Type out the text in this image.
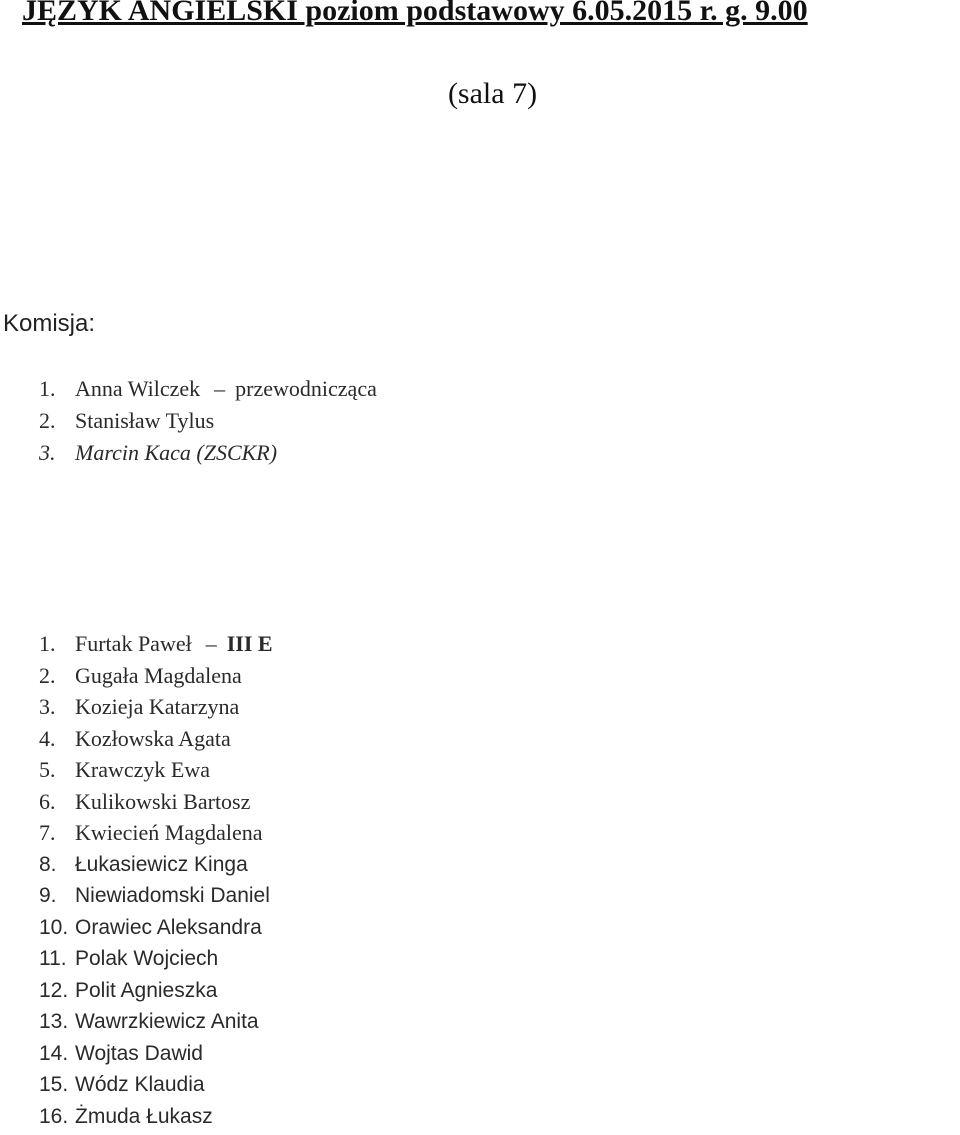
JĘZYK ANGIELSKI poziom podstawowy 6.05.2015 r. g. 9.00
(sala 7)
Komisja:
1. Anna Wilczek – przewodnicząca
2. Stanisław Tylus
3. Marcin Kaca (ZSCKR)
1. Furtak Paweł – III E
2. Gugała Magdalena
3. Kozieja Katarzyna
4. Kozłowska Agata
5. Krawczyk Ewa
6. Kulikowski Bartosz
7. Kwiecień Magdalena
8. Łukasiewicz Kinga
9. Niewiadomski Daniel
10. Orawiec Aleksandra
11. Polak Wojciech
12. Polit Agnieszka
13. Wawrzkiewicz Anita
14. Wojtas Dawid
15. Wódz Klaudia
16. Żmuda Łukasz
